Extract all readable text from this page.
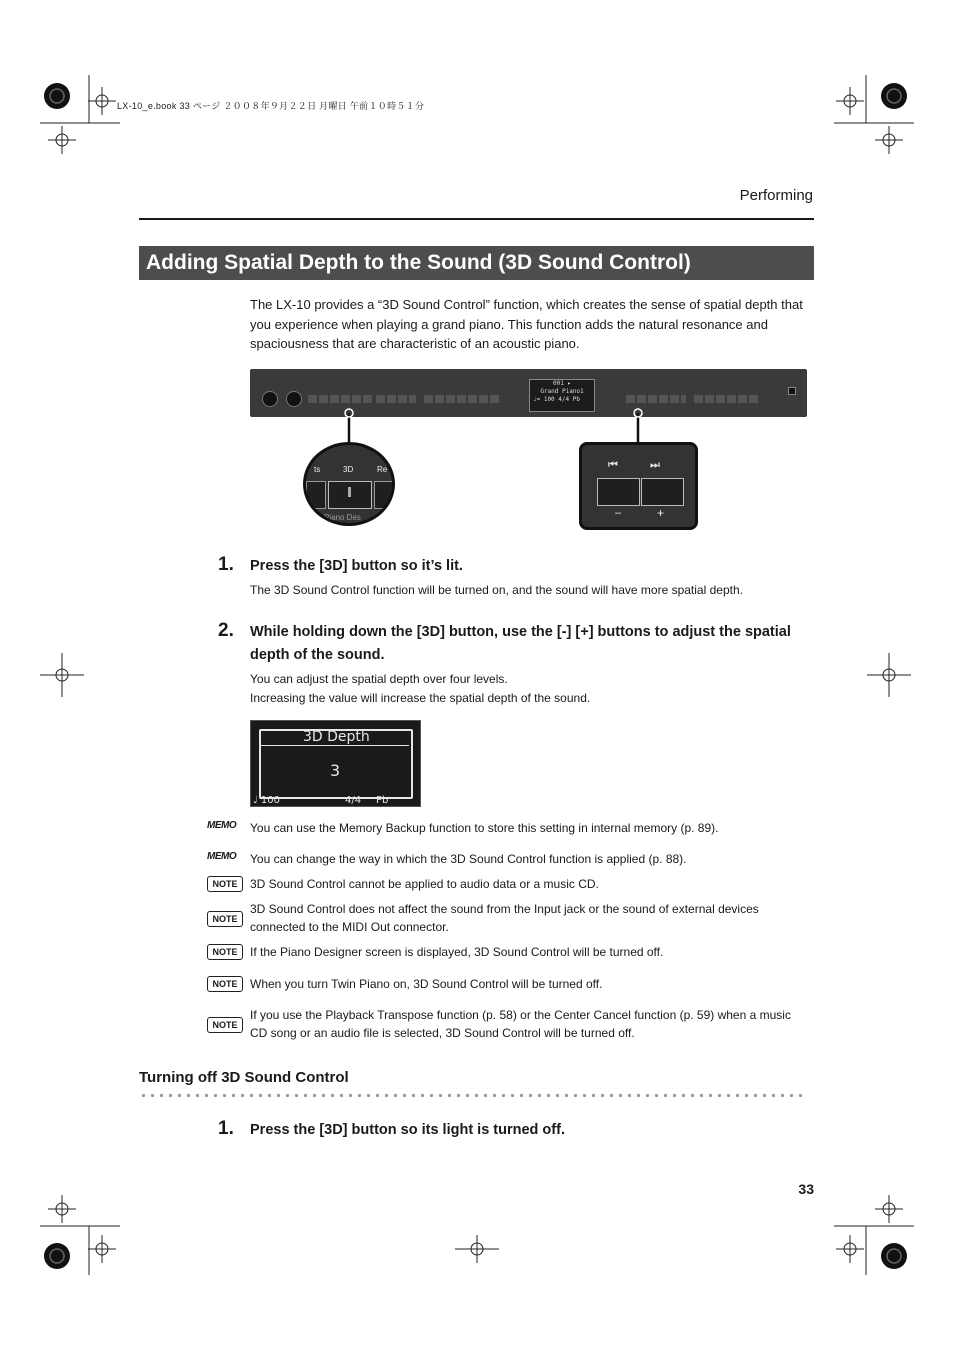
LX-10_e.book 33 ページ ２００８年９月２２日 月曜日 午前１０時５１分
Performing
Adding Spatial Depth to the Sound (3D Sound Control)
The LX-10 provides a “3D Sound Control” function, which creates the sense of spatial depth that you experience when playing a grand piano. This function adds the natural resonance and spaciousness that are characteristic of an acoustic piano.
001 ▸
Grand Piano1
♩= 100 4/4 Pb
ts	3D	Re
Piano Des
⏮	⏭
–	+
1. Press the [3D] button so it’s lit.
The 3D Sound Control function will be turned on, and the sound will have more spatial depth.
2. While holding down the [3D] button, use the [-] [+] buttons to adjust the spatial depth of the sound.
You can adjust the spatial depth over four levels.
Increasing the value will increase the spatial depth of the sound.
3D Depth
3
♩ 100	4/4 Pb
MEMO You can use the Memory Backup function to store this setting in internal memory (p. 89).
MEMO You can change the way in which the 3D Sound Control function is applied (p. 88).
NOTE	3D Sound Control cannot be applied to audio data or a music CD.
NOTE
3D Sound Control does not affect the sound from the Input jack or the sound of external devices connected to the MIDI Out connector.
NOTE	If the Piano Designer screen is displayed, 3D Sound Control will be turned off.
NOTE	When you turn Twin Piano on, 3D Sound Control will be turned off.
NOTE
If you use the Playback Transpose function (p. 58) or the Center Cancel function (p. 59) when a music CD song or an audio file is selected, 3D Sound Control will be turned off.
Turning off 3D Sound Control
1. Press the [3D] button so its light is turned off.
33
